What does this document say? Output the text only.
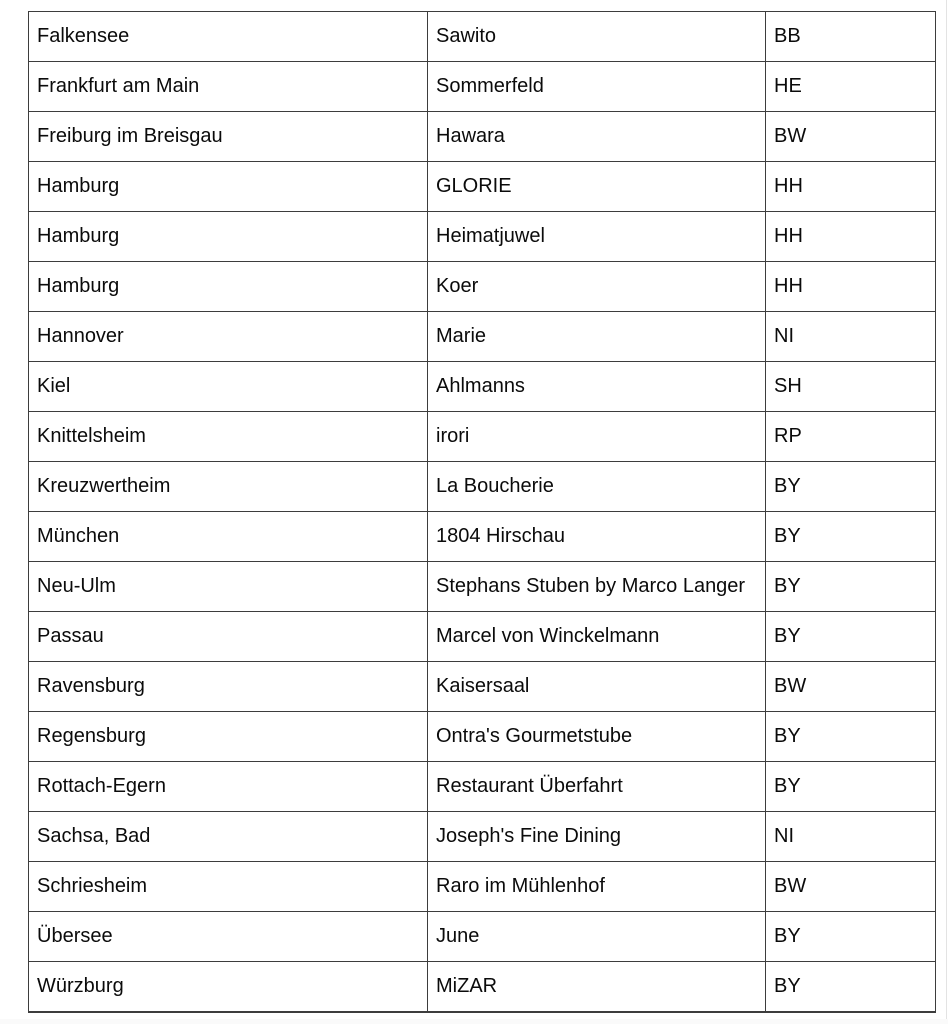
Falkensee	Sawito	BB
Frankfurt am Main	Sommerfeld	HE
Freiburg im Breisgau	Hawara	BW
Hamburg	GLORIE	HH
Hamburg	Heimatjuwel	HH
Hamburg	Koer	HH
Hannover	Marie	NI
Kiel	Ahlmanns	SH
Knittelsheim	irori	RP
Kreuzwertheim	La Boucherie	BY
München	1804 Hirschau	BY
Neu-Ulm	Stephans Stuben by Marco Langer	BY
Passau	Marcel von Winckelmann	BY
Ravensburg	Kaisersaal	BW
Regensburg	Ontra's Gourmetstube	BY
Rottach-Egern	Restaurant Überfahrt	BY
Sachsa, Bad	Joseph's Fine Dining	NI
Schriesheim	Raro im Mühlenhof	BW
Übersee	June	BY
Würzburg	MiZAR	BY
